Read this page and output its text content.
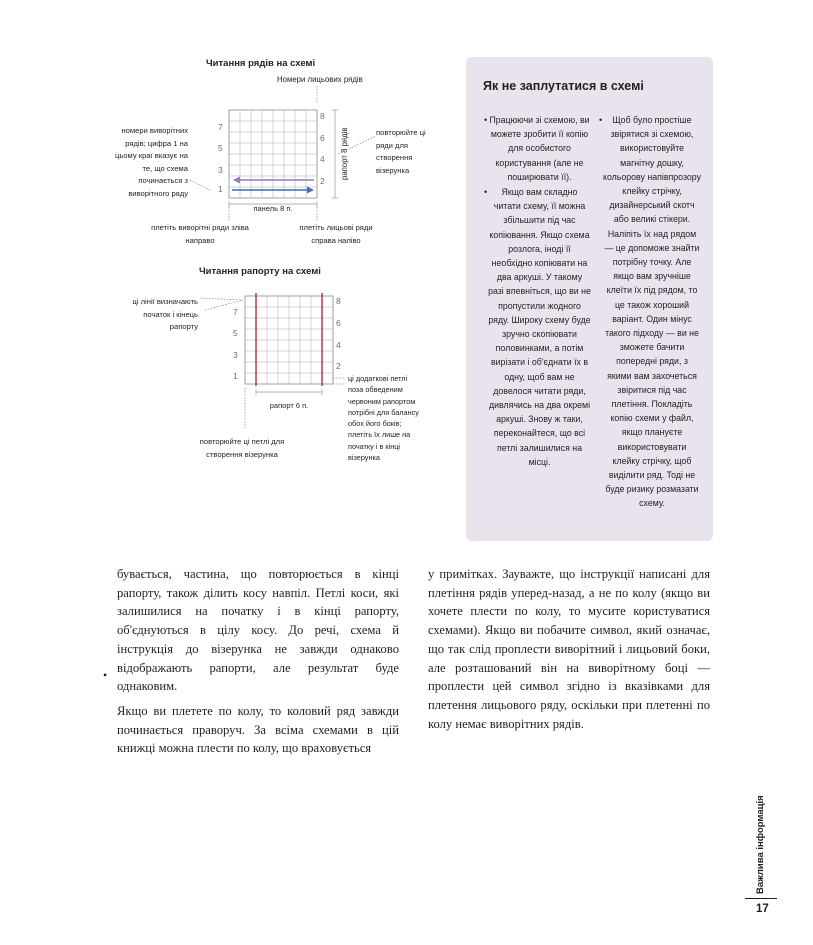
Читання рядів на схемі
Номери лицьових рядів
номери виворітних рядів; цифра 1 на цьому краї вказує на те, що схема починається з виворітного ряду
повторюйте ці ряди для створення візерунка
плетіть виворітні ряди зліва направо
плетіть лицьові ряди справа наліво
7
5
3
1
8
6
4
2
рапорт 8 рядів
панель 8 п.
Читання рапорту на схемі
ці лінії визначають початок і кінець рапорту
ці додаткові петлі поза обведеним червоним рапортом потрібні для балансу обох його боків; плетіть їх лише на початку і в кінці візерунка
повторюйте ці петлі для створення візерунка
7
5
3
1
8
6
4
2
рапорт 6 п.
Як не заплутатися в схемі
• Працюючи зі схемою, ви можете зробити її копію для особистого користування (але не поширювати її).

•	Якщо вам складно читати схему, її можна збільшити під час копіювання. Якщо схема розлога, іноді її необхідно копіювати на два аркуші. У такому разі впевніться, що ви не пропустили жодного ряду. Широку схему буде зручно скопіювати половинками, а потім вирізати і об'єднати їх в одну, щоб вам не довелося читати ряди, дивлячись на два окремі аркуші. Знову ж таки, переконайтеся, що всі петлі залишилися на місці.

•	Щоб було простіше звірятися зі схемою, використовуйте магнітну дошку, кольорову напівпрозору клейку стрічку, дизайнерський скотч або великі стікери. Наліпіть їх над рядом — це допоможе знайти потрібну точку. Але якщо вам зручніше клеїти їх під рядом, то це також хороший варіант. Один мінус такого підходу — ви не зможете бачити попередні ряди, з якими вам захочеться звіритися під час плетіння. Покладіть копію схеми у файл, якщо плануєте використовувати клейку стрічку, щоб виділити ряд. Тоді не буде ризику розмазати схему.

бувається, частина, що повторюється в кінці рапорту, також ділить косу навпіл. Петлі коси, які залишилися на початку і в кінці рапорту, об'єднуються в цілу косу. До речі, схема й інструкція до візерунка не завжди однаково відображають рапорти, але результат буде однаковим.

Якщо ви плетете по колу, то коловий ряд завжди починається праворуч. За всіма схемами в цій книжці можна плести по колу, що враховується

•

у примітках. Зауважте, що інструкції написані для плетіння рядів уперед-назад, а не по колу (якщо ви хочете плести по колу, то мусите користуватися схемами). Якщо ви побачите символ, який означає, що так слід проплести виворітний і лицьовий боки, але розташований він на виворітному боці — проплести цей символ згідно із вказівками для плетення лицьового ряду, оскільки при плетенні по колу немає виворітних рядів.

Важлива інформація
17
